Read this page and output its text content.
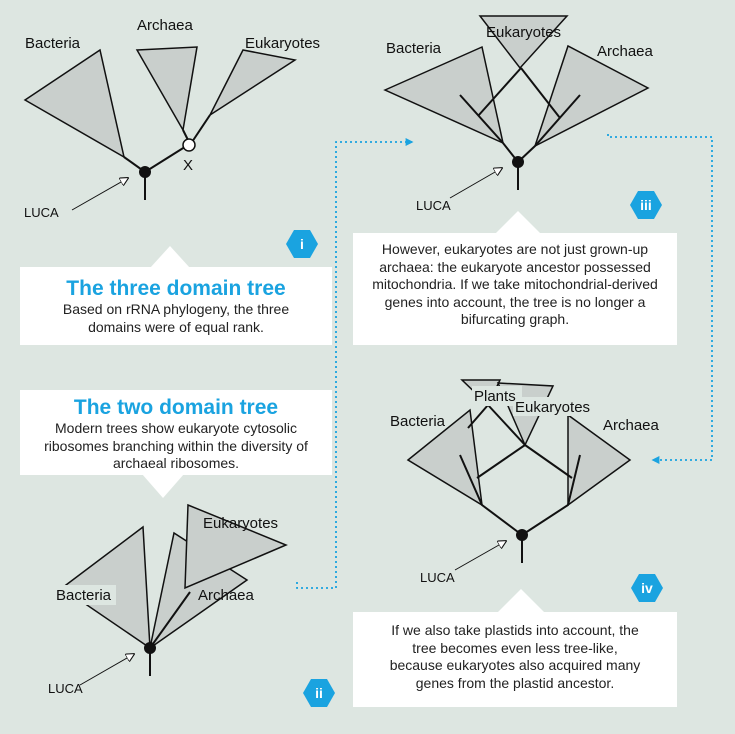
Bacteria
Archaea
Eukaryotes
X
LUCA
i
Bacteria	Archaea
Eukaryotes
LUCA	ii
Bacteria	Archaea
Eukaryotes
LUCA	iii
Plants
Eukaryotes
Bacteria	Archaea
LUCA
iv
The three domain tree
Based on rRNA phylogeny, the three domains were of equal rank.
The two domain tree
Modern trees show eukaryote cytosolic ribosomes branching within the diversity of archaeal ribosomes.
However, eukaryotes are not just grown-up archaea: the eukaryote ancestor possessed mitochondria. If we take mitochondrial-derived genes into account, the tree is no longer a bifurcating graph.
If we also take plastids into account, the tree becomes even less tree-like, because eukaryotes also acquired many genes from the plastid ancestor.
